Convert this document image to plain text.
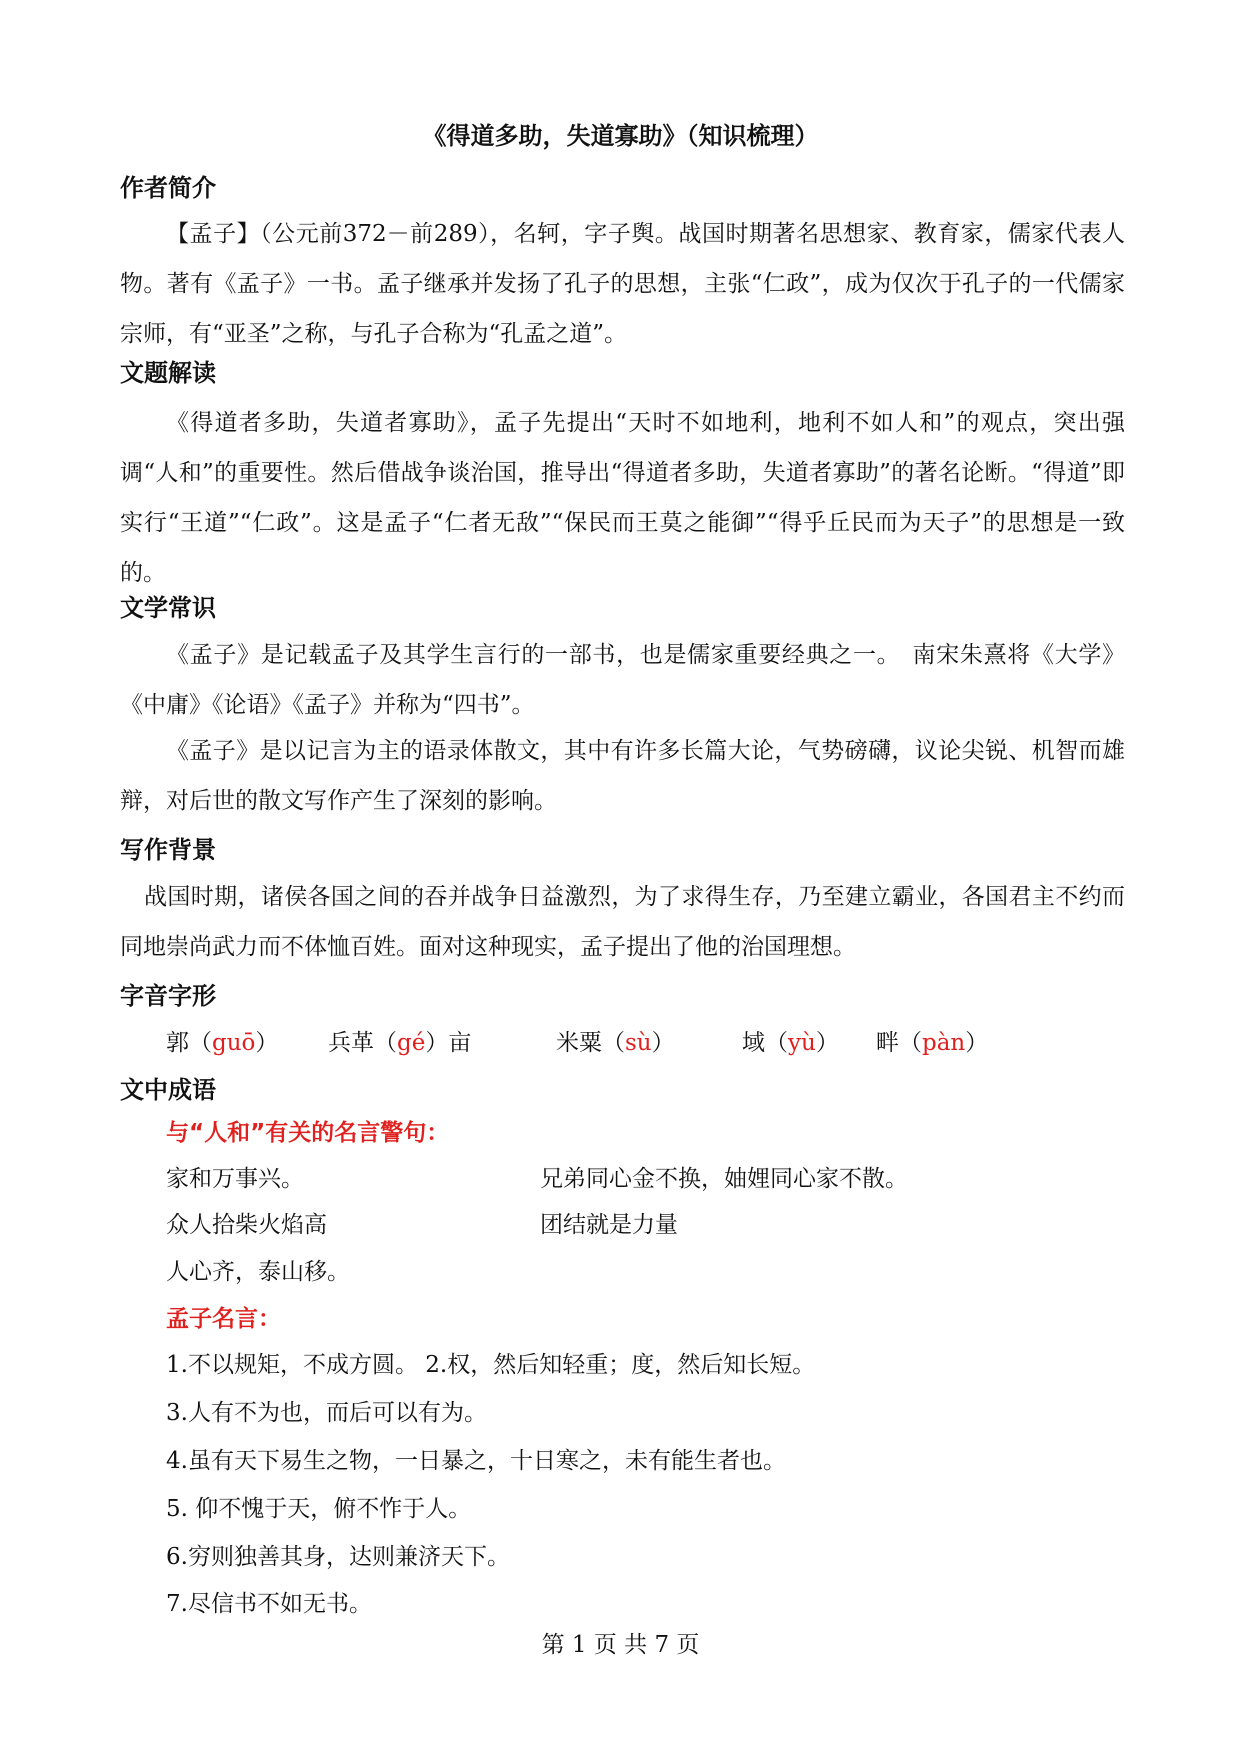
《得道多助，失道寡助》（知识梳理）
作者简介
【孟子】（公元前372－前289），名轲，字子舆。战国时期著名思想家、教育家，儒家代表人物。著有《孟子》一书。孟子继承并发扬了孔子的思想，主张“仁政”，成为仅次于孔子的一代儒家宗师，有“亚圣”之称，与孔子合称为“孔孟之道”。
文题解读
《得道者多助，失道者寡助》，孟子先提出“天时不如地利，地利不如人和”的观点，突出强调“人和”的重要性。然后借战争谈治国，推导出“得道者多助，失道者寡助”的著名论断。“得道”即实行“王道”“仁政”。这是孟子“仁者无敌”“保民而王莫之能御”“得乎丘民而为天子”的思想是一致的。
文学常识
《孟子》是记载孟子及其学生言行的一部书，也是儒家重要经典之一。　南宋朱熹将《大学》《中庸》《论语》《孟子》并称为“四书”。
《孟子》是以记言为主的语录体散文，其中有许多长篇大论，气势磅礴，议论尖锐、机智而雄辩，对后世的散文写作产生了深刻的影响。
写作背景
战国时期，诸侯各国之间的吞并战争日益激烈，为了求得生存，乃至建立霸业，各国君主不约而同地崇尚武力而不体恤百姓。面对这种现实，孟子提出了他的治国理想。
字音字形
郭（guō） 兵革（gé）亩	米粟（sù）	域（yù） 畔（pàn）
文中成语
与“人和”有关的名言警句：
家和万事兴。	兄弟同心金不换，妯娌同心家不散。
众人拾柴火焰高	团结就是力量
人心齐，泰山移。
孟子名言：
1.不以规矩，不成方圆。 2.权，然后知轻重；度，然后知长短。
3.人有不为也，而后可以有为。
4.虽有天下易生之物，一日暴之，十日寒之，未有能生者也。
5. 仰不愧于天，俯不怍于人。
6.穷则独善其身，达则兼济天下。
7.尽信书不如无书。
第 1 页 共 7 页
